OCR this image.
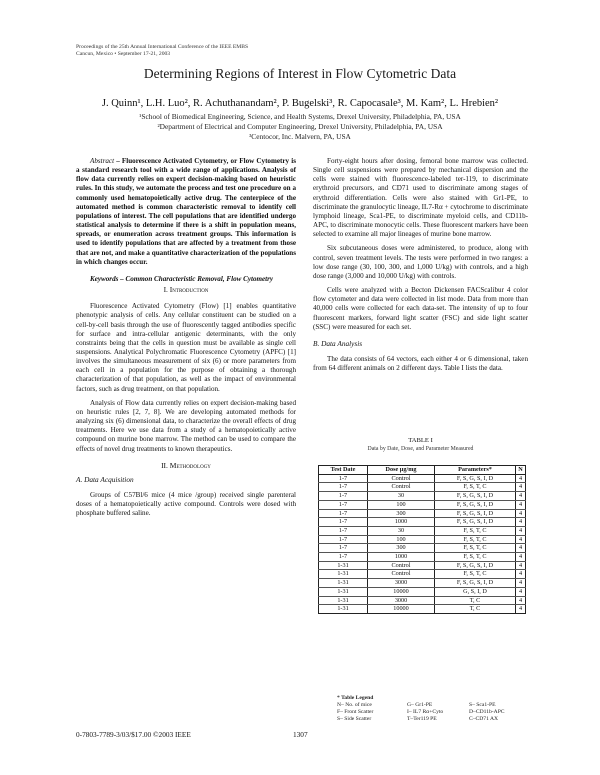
Proceedings of the 25th Annual International Conference of the IEEE EMBS
Cancun, Mexico • September 17-21, 2003
Determining Regions of Interest in Flow Cytometric Data
J. Quinn¹, L.H. Luo², R. Achuthanandam², P. Bugelski³, R. Capocasale³, M. Kam², L. Hrebien²
¹School of Biomedical Engineering, Science, and Health Systems, Drexel University, Philadelphia, PA, USA
²Department of Electrical and Computer Engineering, Drexel University, Philadelphia, PA, USA
³Centocor, Inc. Malvern, PA, USA

Abstract – Fluorescence Activated Cytometry, or Flow Cytometry is a standard research tool with a wide range of applications. Analysis of flow data currently relies on expert decision-making based on heuristic rules. In this study, we automate the process and test one procedure on a commonly used hematopoietically active drug. The centerpiece of the automated method is common characteristic removal to identify cell populations of interest. The cell populations that are identified undergo statistical analysis to determine if there is a shift in population means, spreads, or enumeration across treatment groups. This information is used to identify populations that are affected by a treatment from those that are not, and make a quantitative characterization of the populations in which changes occur.

Keywords – Common Characteristic Removal, Flow Cytometry

I. Introduction

Fluorescence Activated Cytometry (Flow) [1] enables quantitative phenotypic analysis of cells. Any cellular constituent can be studied on a cell-by-cell basis through the use of fluorescently tagged antibodies specific for surface and intra-cellular antigenic determinants, with the only constraints being that the cells in question must be available as single cell suspensions. Analytical Polychromatic Fluorescence Cytometry (APFC) [1] involves the simultaneous measurement of six (6) or more parameters from each cell in a population for the purpose of obtaining a thorough characterization of that population, as well as the impact of environmental factors, such as drug treatment, on that population.

Analysis of Flow data currently relies on expert decision-making based on heuristic rules [2, 7, 8]. We are developing automated methods for analyzing six (6) dimensional data, to characterize the overall effects of drug treatments. Here we use data from a study of a hematopoietically active compound on murine bone marrow. The method can be used to compare the effects of novel drug treatments to known therapeutics.

II. Methodology

A. Data Acquisition

Groups of C57Bl/6 mice (4 mice /group) received single parenteral doses of a hematopoietically active compound. Controls were dosed with phosphate buffered saline.

Forty-eight hours after dosing, femoral bone marrow was collected. Single cell suspensions were prepared by mechanical dispersion and the cells were stained with fluorescence-labeled ter-119, to discriminate erythroid precursors, and CD71 used to discriminate among stages of erythroid differentiation. Cells were also stained with Gr1-PE, to discriminate the granulocytic lineage, IL7-Rα + cytochrome to discriminate lymphoid lineage, Sca1-PE, to discriminate myeloid cells, and CD11b-APC, to discriminate monocytic cells. These fluorescent markers have been selected to examine all major lineages of murine bone marrow.

Six subcutaneous doses were administered, to produce, along with control, seven treatment levels. The tests were performed in two ranges: a low dose range (30, 100, 300, and 1,000 U/kg) with controls, and a high dose range (3,000 and 10,000 U/kg) with controls.

Cells were analyzed with a Becton Dickensen FACScalibur 4 color flow cytometer and data were collected in list mode. Data from more than 40,000 cells were collected for each data-set. The intensity of up to four fluorescent markers, forward light scatter (FSC) and side light scatter (SSC) were measured for each set.

B. Data Analysis

The data consists of 64 vectors, each either 4 or 6 dimensional, taken from 64 different animals on 2 different days. Table I lists the data.

TABLE I
Data by Date, Dose, and Parameter Measured
Test Date	Dose µg/mg	Parameters*	N
1-7	Control	F, S, G, S, I, D	4
1-7	Control	F, S, T, C	4
1-7	30	F, S, G, S, I, D	4
1-7	100	F, S, G, S, I, D	4
1-7	300	F, S, G, S, I, D	4
1-7	1000	F, S, G, S, I, D	4
1-7	30	F, S, T, C	4
1-7	100	F, S, T, C	4
1-7	300	F, S, T, C	4
1-7	1000	F, S, T, C	4
1-31	Control	F, S, G, S, I, D	4
1-31	Control	F, S, T, C	4
1-31	3000	F, S, G, S, I, D	4
1-31	10000	G, S, I, D	4
1-31	3000	T, C	4
1-31	10000	T, C	4
* Table Legend
N– No. of mice	G– Gr1-PE	S– Sca1-PE
F– Front Scatter	I– IL7 Rα+Cyto	D–CD11b-APC
S– Side Scatter	T–Ter119 PE	C–CD71 AX
0-7803-7789-3/03/$17.00 ©2003 IEEE	1307
